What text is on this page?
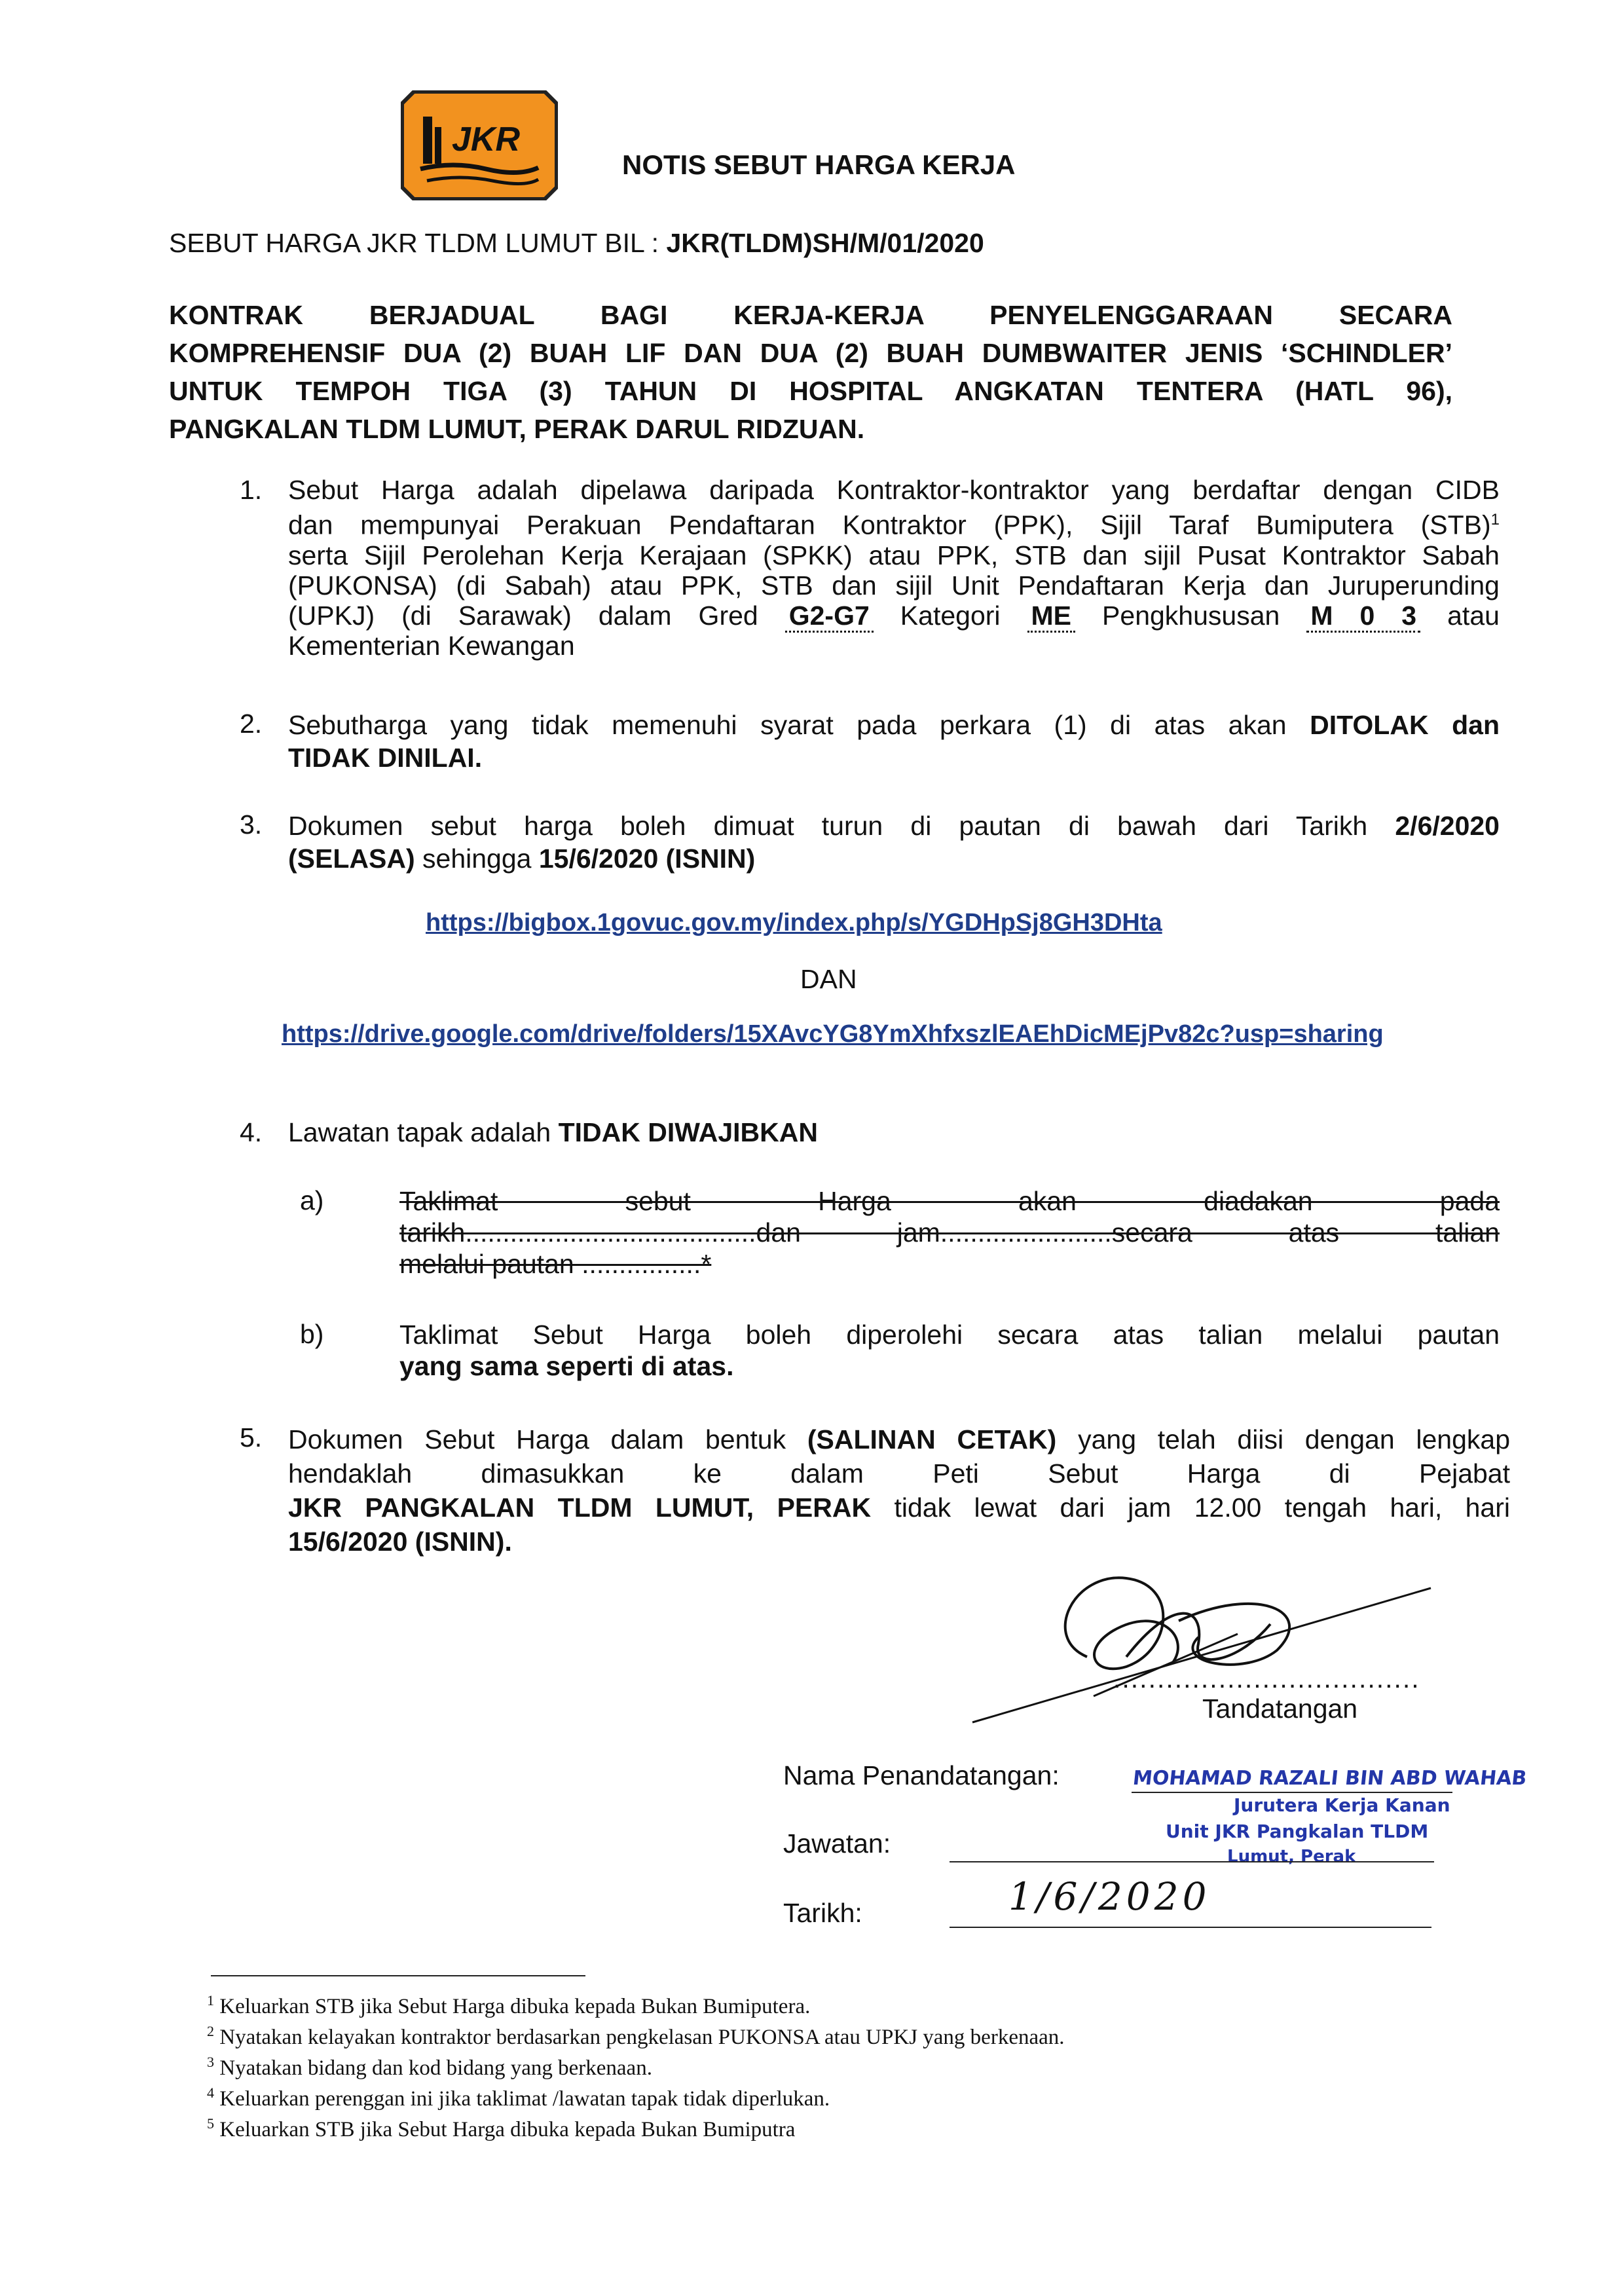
JKR
NOTIS SEBUT HARGA KERJA
SEBUT HARGA JKR TLDM LUMUT BIL : JKR(TLDM)SH/M/01/2020
KONTRAK BERJADUAL BAGI KERJA-KERJA PENYELENGGARAAN SECARA
KOMPREHENSIF DUA (2) BUAH LIF DAN DUA (2) BUAH DUMBWAITER JENIS ‘SCHINDLER’
UNTUK TEMPOH TIGA (3) TAHUN DI HOSPITAL ANGKATAN TENTERA (HATL 96),
PANGKALAN TLDM LUMUT, PERAK DARUL RIDZUAN.
1. Sebut Harga adalah dipelawa daripada Kontraktor-kontraktor yang berdaftar dengan CIDB
dan mempunyai Perakuan Pendaftaran Kontraktor (PPK), Sijil Taraf Bumiputera (STB)$^1$
serta Sijil Perolehan Kerja Kerajaan (SPKK) atau PPK, STB dan sijil Pusat Kontraktor Sabah
(PUKONSA) (di Sabah) atau PPK, STB dan sijil Unit Pendaftaran Kerja dan Juruperunding
(UPKJ) (di Sarawak) dalam Gred G2-G7 Kategori ME Pengkhususan M 0 3 atau
Kementerian Kewangan
2. Sebutharga yang tidak memenuhi syarat pada perkara (1) di atas akan DITOLAK dan
TIDAK DINILAI.
3. Dokumen sebut harga boleh dimuat turun di pautan di bawah dari Tarikh 2/6/2020
(SELASA) sehingga 15/6/2020 (ISNIN)
https://bigbox.1govuc.gov.my/index.php/s/YGDHpSj8GH3DHta
DAN
https://drive.google.com/drive/folders/15XAvcYG8YmXhfxszlEAEhDicMEjPv82c?usp=sharing
4. Lawatan tapak adalah TIDAK DIWAJIBKAN
a)	Taklimat sebut Harga akan diadakan pada
tarikh.......................................dan jam.......................secara atas talian
melalui pautan ................*
b)	Taklimat Sebut Harga boleh diperolehi secara atas talian melalui pautan
yang sama seperti di atas.
5. Dokumen Sebut Harga dalam bentuk (SALINAN CETAK) yang telah diisi dengan lengkap
hendaklah dimasukkan ke dalam Peti Sebut Harga di Pejabat
JKR PANGKALAN TLDM LUMUT, PERAK tidak lewat dari jam 12.00 tengah hari, hari
15/6/2020 (ISNIN).
...................................
Tandatangan
Nama Penandatangan:
Jawatan:
Tarikh:
MOHAMAD RAZALI BIN ABD WAHAB
Jurutera Kerja Kanan
Unit JKR Pangkalan TLDM
Lumut, Perak
1/6/2020
$^1$ Keluarkan STB jika Sebut Harga dibuka kepada Bukan Bumiputera.
$^2$ Nyatakan kelayakan kontraktor berdasarkan pengkelasan PUKONSA atau UPKJ yang berkenaan.
$^3$ Nyatakan bidang dan kod bidang yang berkenaan.
$^4$ Keluarkan perenggan ini jika taklimat /lawatan tapak tidak diperlukan.
$^5$ Keluarkan STB jika Sebut Harga dibuka kepada Bukan Bumiputra
